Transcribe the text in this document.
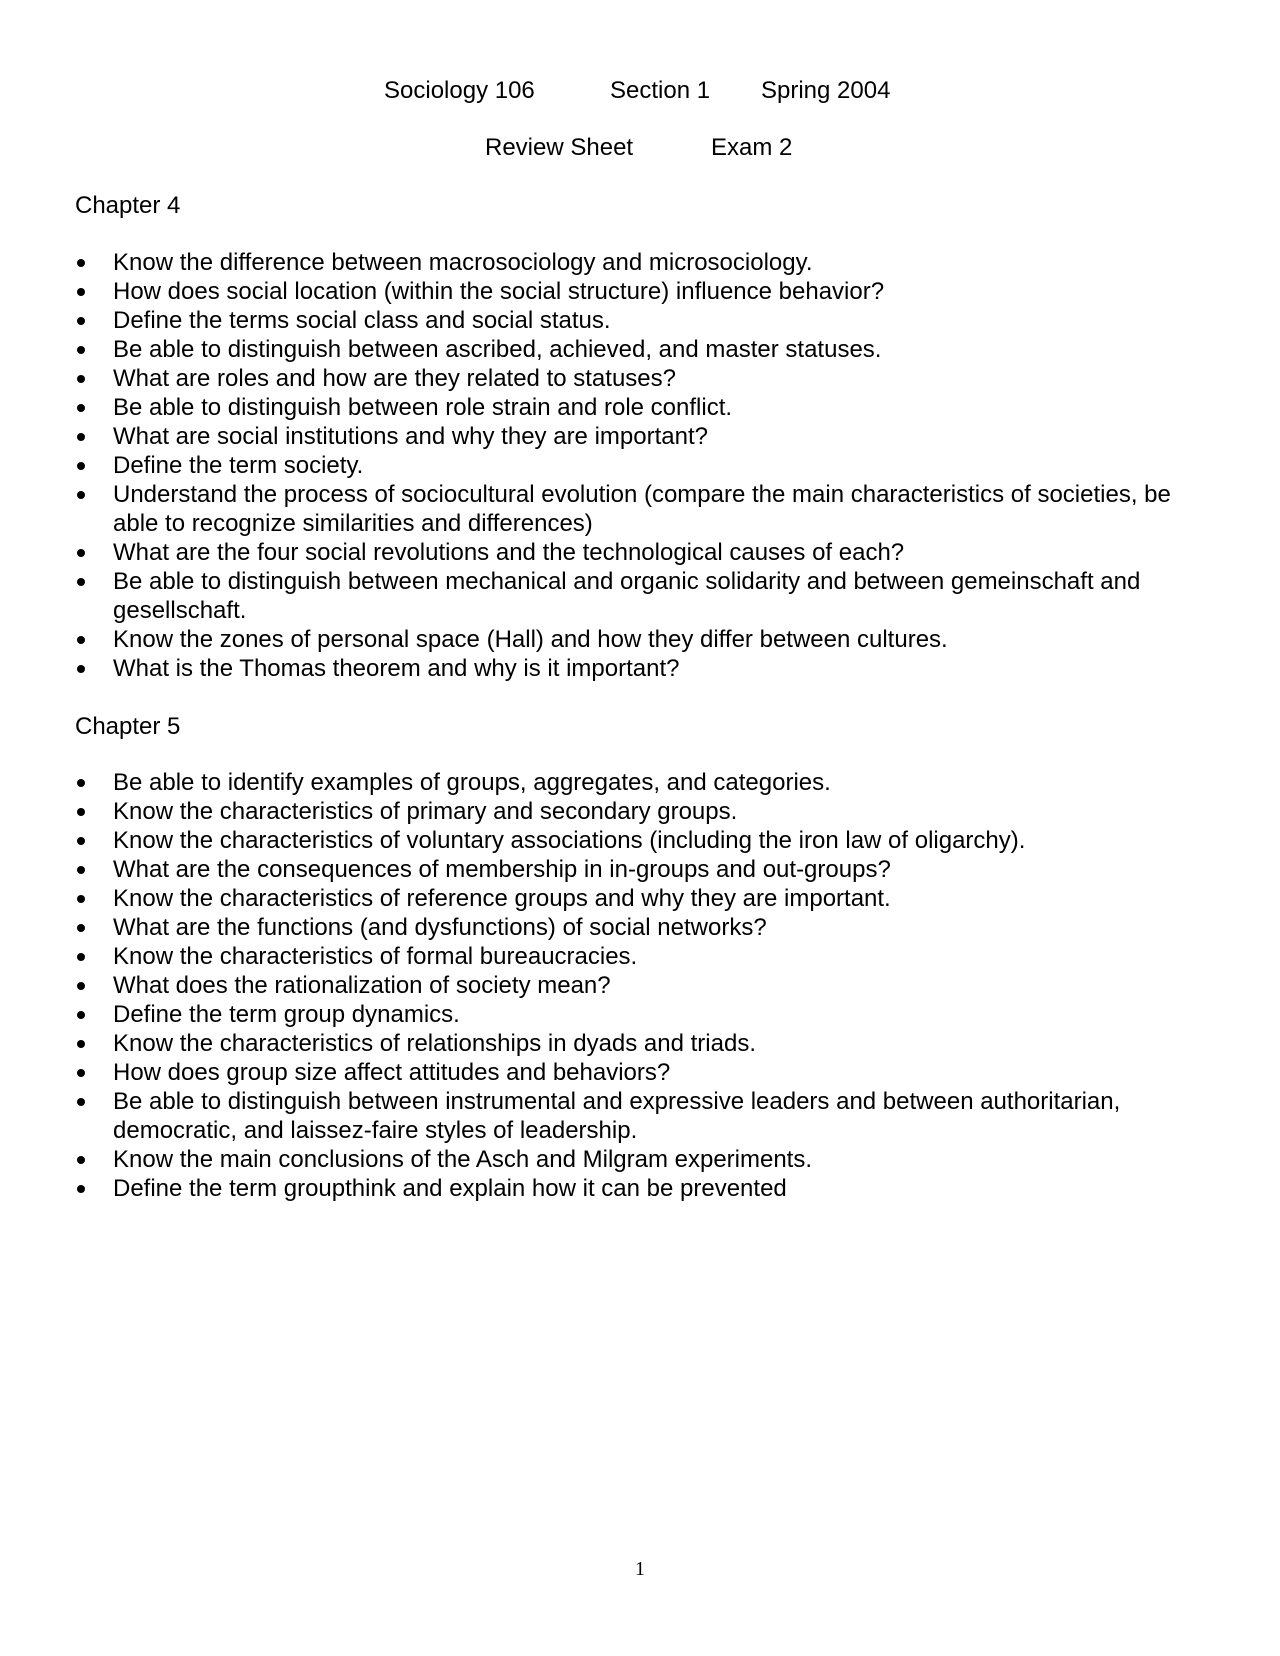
Sociology 106	Section 1 Spring 2004
Review Sheet	Exam 2
Chapter 4
Know the difference between macrosociology and microsociology.
How does social location (within the social structure) influence behavior?
Define the terms social class and social status.
Be able to distinguish between ascribed, achieved, and master statuses.
What are roles and how are they related to statuses?
Be able to distinguish between role strain and role conflict.
What are social institutions and why they are important?
Define the term society.
Understand the process of sociocultural evolution (compare the main characteristics of societies, be able to recognize similarities and differences)
What are the four social revolutions and the technological causes of each?
Be able to distinguish between mechanical and organic solidarity and between gemeinschaft and gesellschaft.
Know the zones of personal space (Hall) and how they differ between cultures.
What is the Thomas theorem and why is it important?
Chapter 5
Be able to identify examples of groups, aggregates, and categories.
Know the characteristics of primary and secondary groups.
Know the characteristics of voluntary associations (including the iron law of oligarchy).
What are the consequences of membership in in-groups and out-groups?
Know the characteristics of reference groups and why they are important.
What are the functions (and dysfunctions) of social networks?
Know the characteristics of formal bureaucracies.
What does the rationalization of society mean?
Define the term group dynamics.
Know the characteristics of relationships in dyads and triads.
How does group size affect attitudes and behaviors?
Be able to distinguish between instrumental and expressive leaders and between authoritarian, democratic, and laissez-faire styles of leadership.
Know the main conclusions of the Asch and Milgram experiments.
Define the term groupthink and explain how it can be prevented
1
